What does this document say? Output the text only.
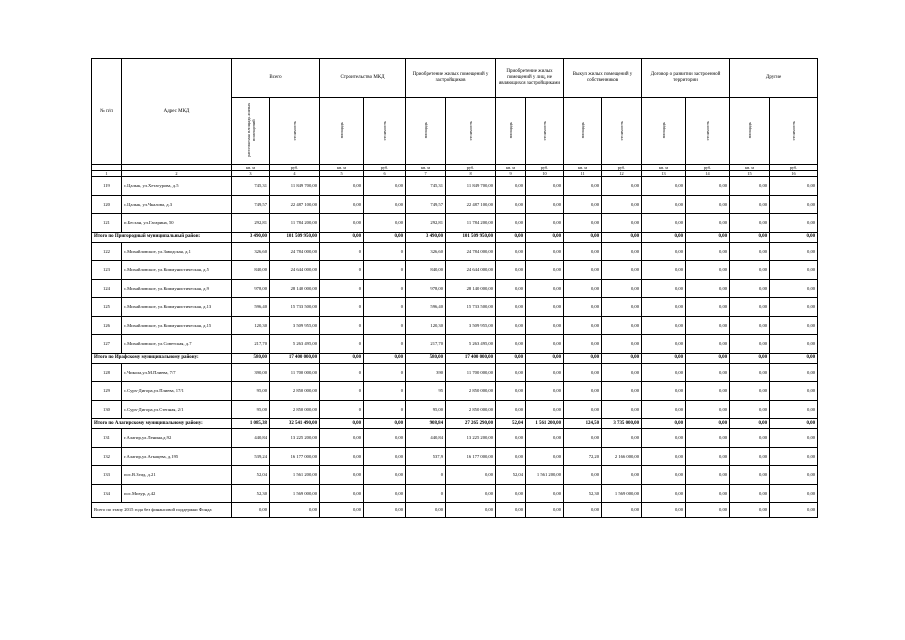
№ п/п	Адрес МКД	Всего		Строительство МКД		Приобретение жилых помещений у застройщиков		Приобретение жилых помещений у лиц, не являющихся застройщиками		Выкуп жилых помещений у собственников		Договор о развитии застроенной территории		Другие	
		расселяемая площадь жилых помещений	стоимость	площадь	стоимость	площадь	стоимость	площадь	стоимость	площадь	стоимость	площадь	стоимость	площадь	стоимость
		кв. м	руб.	кв. м	руб.	кв. м	руб.	кв. м	руб.	кв. м	руб.	кв. м	руб.	кв. м	руб.
1	2	3	4	5	6	7	8	9	10	11	12	13	14	15	16
119	с.Цалык, ул.Хетагурова, д.5	745,31	11 849 700,00	0,00	0,00	745,31	11 849 700,00	0,00	0,00	0,00	0,00	0,00	0,00	0,00	0,00
120	с.Цалык, ул.Чкалова, д.3	749,57	22 487 100,00	0,00	0,00	749,57	22 487 100,00	0,00	0,00	0,00	0,00	0,00	0,00	0,00	0,00
121	п.Бесхан, ул.Гагарина, 50	292,81	11 784 200,00	0,00	0,00	292,81	11 784 200,00	0,00	0,00	0,00	0,00	0,00	0,00	0,00	0,00
Итого по Пригородный муниципальный район:		3 490,00	101 509 950,00	0,00	0,00	3 490,00	101 509 950,00	0,00	0,00	0,00	0,00	0,00	0,00	0,00	0,00
122	с.Михайловское, ул.Заводская, д.1	326,60	24 784 000,00	0	0	326,60	24 784 000,00	0,00	0,00	0,00	0,00	0,00	0,00	0,00	0,00
123	с.Михайловское, ул.Коммунистическая, д.5	840,00	24 644 000,00	0	0	840,00	24 644 000,00	0,00	0,00	0,00	0,00	0,00	0,00	0,00	0,00
124	с.Михайловское, ул.Коммунистическая, д.9	978,00	28 140 000,00	0	0	978,00	28 140 000,00	0,00	0,00	0,00	0,00	0,00	0,00	0,00	0,00
125	с.Михайловское, ул.Коммунистическая, д.13	596,40	15 733 500,00	0	0	596,40	15 733 500,00	0,00	0,00	0,00	0,00	0,00	0,00	0,00	0,00
126	с.Михайловское, ул.Коммунистическая, д.15	120,30	3 509 955,00	0	0	120,30	3 509 955,00	0,00	0,00	0,00	0,00	0,00	0,00	0,00	0,00
127	с.Михайловское, ул.Советская, д.7	217,70	5 263 495,00	0	0	217,70	5 263 495,00	0,00	0,00	0,00	0,00	0,00	0,00	0,00	0,00
Итого по Ирафскому муниципальному району:		580,00	17 400 000,00	0,00	0,00	580,00	17 400 000,00	0,00	0,00	0,00	0,00	0,00	0,00	0,00	0,00
128	с.Чикола,ул.М.Плиева, 7/7	390,00	11 700 000,00	0	0	390	11 700 000,00	0,00	0,00	0,00	0,00	0,00	0,00	0,00	0,00
129	с.Сурх-Дигора,ул.Плиева, 17/1	95,00	2 850 000,00	0	0	95	2 850 000,00	0,00	0,00	0,00	0,00	0,00	0,00	0,00	0,00
130	с.Сурх-Дигора,ул.Степная, 2/1	95,00	2 850 000,00	0	0	95,00	2 850 000,00	0,00	0,00	0,00	0,00	0,00	0,00	0,00	0,00
Итого по Алагирскому муниципальному району:		1 085,38	32 541 490,00	0,00	0,00	908,84	27 265 290,00	52,04	1 561 200,00	124,50	3 735 000,00	0,00	0,00	0,00	0,00
131	г.Алагир,ул.Ленина,д.92	440,84	13 225 200,00	0,00	0,00	440,84	13 225 200,00	0,00	0,00	0,00	0,00	0,00	0,00	0,00	0,00
132	г.Алагир,ул.Агкацева, д.195	539,24	16 177 000,00	0,00	0,00	537,9	16 177 000,00	0,00	0,00	72,20	2 166 000,00	0,00	0,00	0,00	0,00
133	пос.В.Згид, д.21	52,04	1 561 200,00	0,00	0,00	0	0,00	52,04	1 561 200,00	0,00	0,00	0,00	0,00	0,00	0,00
134	пос.Мизур, д.42	52,30	1 569 000,00	0,00	0,00	0	0,00	0,00	0,00	52,30	1 569 000,00	0,00	0,00	0,00	0,00
Всего по этапу 2015 года без финансовой поддержки Фонда		0,00	0,00	0,00	0,00	0,00	0,00	0,00	0,00	0,00	0,00	0,00	0,00	0,00	0,00
